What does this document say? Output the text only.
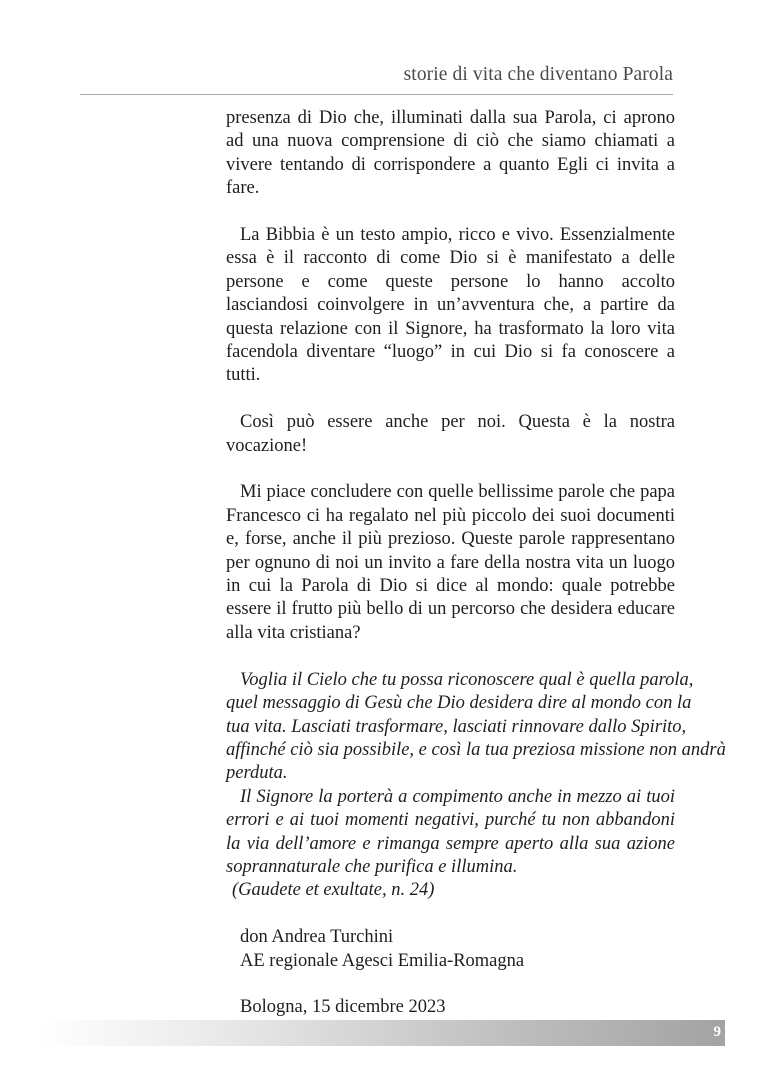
storie di vita che diventano Parola

presenza di Dio che, illuminati dalla sua Parola, ci aprono
ad una nuova comprensione di ciò che siamo chiamati a
vivere tentando di corrispondere a quanto Egli ci invita a
fare.

La Bibbia è un testo ampio, ricco e vivo. Essenzialmente
essa è il racconto di come Dio si è manifestato a delle
persone e come queste persone lo hanno accolto
lasciandosi coinvolgere in un’avventura che, a partire da
questa relazione con il Signore, ha trasformato la loro vita
facendola diventare “luogo” in cui Dio si fa conoscere a
tutti.

Così può essere anche per noi. Questa è la nostra
vocazione!

Mi piace concludere con quelle bellissime parole che papa
Francesco ci ha regalato nel più piccolo dei suoi documenti
e, forse, anche il più prezioso. Queste parole rappresentano
per ognuno di noi un invito a fare della nostra vita un luogo
in cui la Parola di Dio si dice al mondo: quale potrebbe
essere il frutto più bello di un percorso che desidera educare
alla vita cristiana?

Voglia il Cielo che tu possa riconoscere qual è quella parola,
quel messaggio di Gesù che Dio desidera dire al mondo con la
tua vita. Lasciati trasformare, lasciati rinnovare dallo Spirito,
affinché ciò sia possibile, e così la tua preziosa missione non andrà
perduta.
Il Signore la porterà a compimento anche in mezzo ai tuoi
errori e ai tuoi momenti negativi, purché tu non abbandoni
la via dell’amore e rimanga sempre aperto alla sua azione
soprannaturale che purifica e illumina.
(Gaudete et exultate, n. 24)
don Andrea Turchini
AE regionale Agesci Emilia-Romagna
Bologna, 15 dicembre 2023
9
